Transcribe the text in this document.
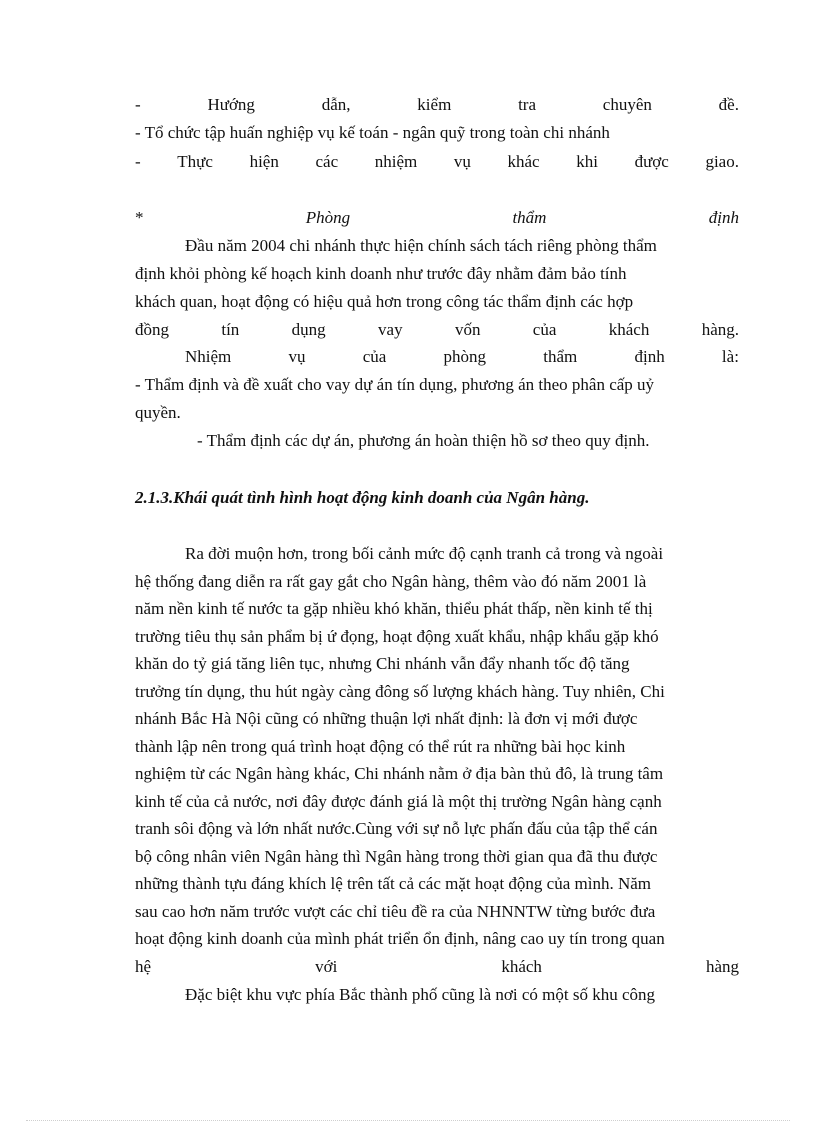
-	Hướng	dẫn,	kiểm	tra	chuyên	đề.
- Tổ chức tập huấn nghiệp vụ kế toán - ngân quỹ trong toàn chi nhánh
- Thực hiện các nhiệm vụ khác khi được giao.
*	Phòng	thẩm	định
Đầu năm 2004 chi nhánh thực hiện chính sách tách riêng phòng thẩm
định khỏi phòng kế hoạch kinh doanh như trước đây nhằm đảm bảo tính
khách quan, hoạt động có hiệu quả hơn trong công tác thẩm định các hợp
đồng	tín	dụng	vay	vốn	của	khách	hàng.
Nhiệm	vụ	của	phòng	thẩm	định	là:
- Thẩm định và đề xuất cho vay dự án tín dụng, phương án theo phân cấp uỷ
quyền.
- Thẩm định các dự án, phương án hoàn thiện hồ sơ theo quy định.
2.1.3.Khái quát tình hình hoạt động kinh doanh của Ngân hàng.
Ra đời muộn hơn, trong bối cảnh mức độ cạnh tranh cả trong và ngoài
hệ thống đang diễn ra rất gay gắt cho Ngân hàng, thêm vào đó năm 2001 là
năm nền kinh tế nước ta gặp nhiều khó khăn, thiểu phát thấp, nền kinh tế thị
trường tiêu thụ sản phẩm bị ứ đọng, hoạt động xuất khẩu, nhập khẩu gặp khó
khăn do tỷ giá tăng liên tục, nhưng Chi nhánh vẫn đẩy nhanh tốc độ tăng
trưởng tín dụng, thu hút ngày càng đông số lượng khách hàng. Tuy nhiên, Chi
nhánh Bắc Hà Nội cũng có những thuận lợi nhất định: là đơn vị mới được
thành lập nên trong quá trình hoạt động có thể rút ra những bài học kinh
nghiệm từ các Ngân hàng khác, Chi nhánh nằm ở địa bàn thủ đô, là trung tâm
kinh tế của cả nước, nơi đây được đánh giá là một thị trường Ngân hàng cạnh
tranh sôi động và lớn nhất nước.Cùng với sự nỗ lực phấn đấu của tập thể cán
bộ công nhân viên Ngân hàng thì Ngân hàng trong thời gian qua đã thu được
những thành tựu đáng khích lệ trên tất cả các mặt hoạt động của mình. Năm
sau cao hơn năm trước vượt các chỉ tiêu đề ra của NHNNTW từng bước đưa
hoạt động kinh doanh của mình phát triển ổn định, nâng cao uy tín trong quan
hệ	với	khách	hàng
Đặc biệt khu vực phía Bắc thành phố cũng là nơi có một số khu công
